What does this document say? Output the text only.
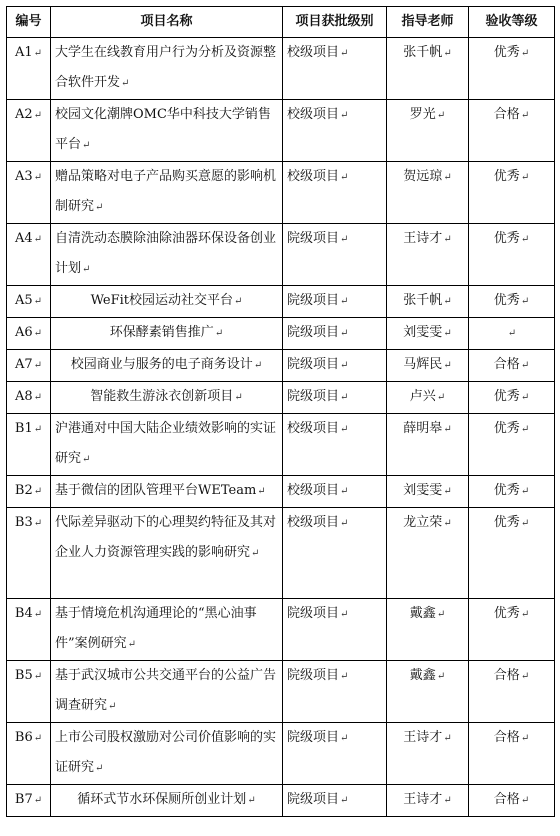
编号	项目名称	项目获批级别	指导老师	验收等级
A1↵	大学生在线教育用户行为分析及资源整合软件开发↵	校级项目↵	张千帆↵	优秀↵
A2↵	校园文化潮牌OMC华中科技大学销售平台↵	校级项目↵	罗光↵	合格↵
A3↵	赠品策略对电子产品购买意愿的影响机制研究↵	校级项目↵	贺远琼↵	优秀↵
A4↵	自清洗动态膜除油除油器环保设备创业计划↵	院级项目↵	王诗才↵	优秀↵
A5↵	WeFit校园运动社交平台↵	院级项目↵	张千帆↵	优秀↵
A6↵	环保酵素销售推广↵	院级项目↵	刘雯雯↵	↵
A7↵	校园商业与服务的电子商务设计↵	院级项目↵	马辉民↵	合格↵
A8↵	智能救生游泳衣创新项目↵	院级项目↵	卢兴↵	优秀↵
B1↵	沪港通对中国大陆企业绩效影响的实证研究↵	校级项目↵	薛明皋↵	优秀↵
B2↵	基于微信的团队管理平台WETeam↵	校级项目↵	刘雯雯↵	优秀↵
B3↵	代际差异驱动下的心理契约特征及其对企业人力资源管理实践的影响研究↵	校级项目↵	龙立荣↵	优秀↵
B4↵	基于情境危机沟通理论的“黑心油事件”案例研究↵	院级项目↵	戴鑫↵	优秀↵
B5↵	基于武汉城市公共交通平台的公益广告调查研究↵	院级项目↵	戴鑫↵	合格↵
B6↵	上市公司股权激励对公司价值影响的实证研究↵	院级项目↵	王诗才↵	合格↵
B7↵	循环式节水环保厕所创业计划↵	院级项目↵	王诗才↵	合格↵
